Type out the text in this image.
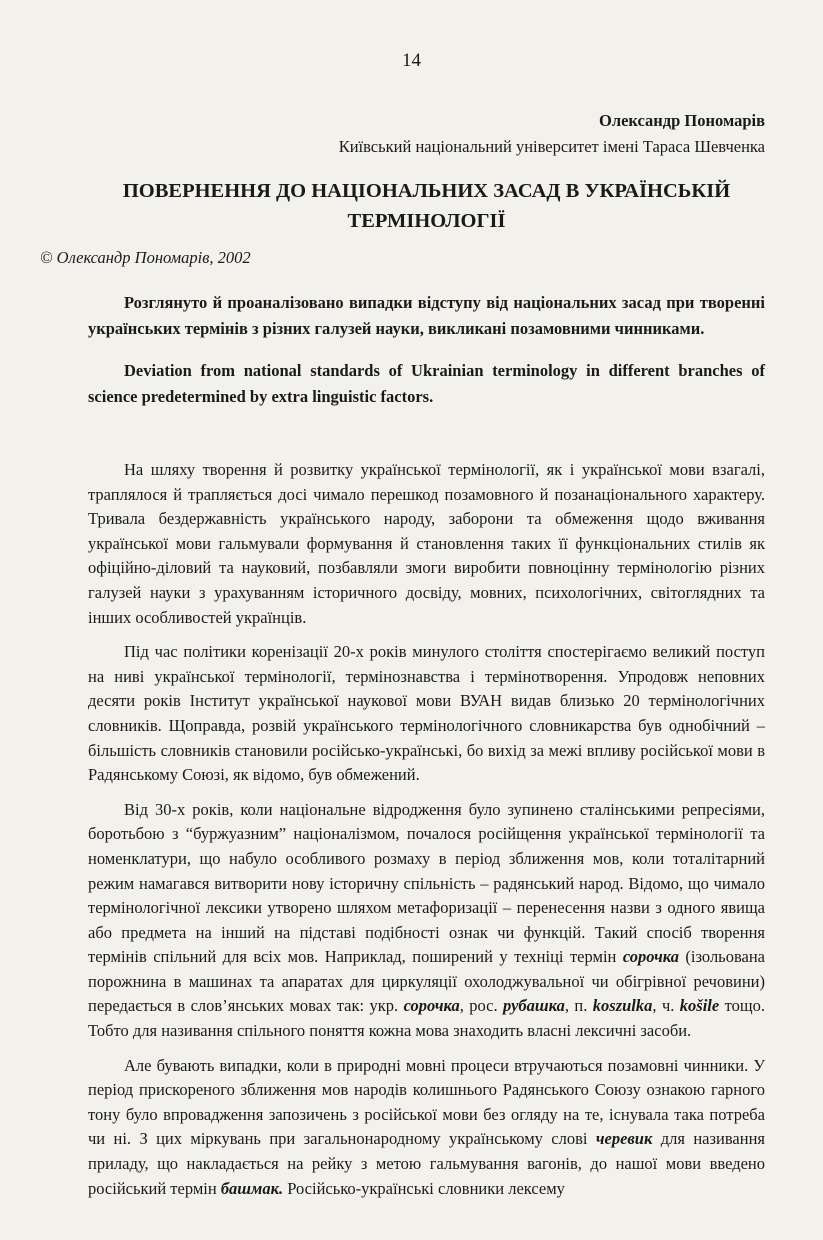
14
Олександр Пономарів
Київський національний університет імені Тараса Шевченка
ПОВЕРНЕННЯ ДО НАЦІОНАЛЬНИХ ЗАСАД В УКРАЇНСЬКІЙ ТЕРМІНОЛОГІЇ
© Олександр Пономарів, 2002

Розглянуто й проаналізовано випадки відступу від національних засад при творенні українських термінів з різних галузей науки, викликані позамовними чинниками.

Deviation from national standards of Ukrainian terminology in different branches of science predetermined by extra linguistic factors.

На шляху творення й розвитку української термінології, як і української мови взагалі, траплялося й трапляється досі чимало перешкод позамовного й позанаціонального характеру. Тривала бездержавність українського народу, заборони та обмеження щодо вживання української мови гальмували формування й становлення таких її функціональних стилів як офіційно-діловий та науковий, позбавляли змоги виробити повноцінну термінологію різних галузей науки з урахуванням історичного досвіду, мовних, психологічних, світоглядних та інших особливостей українців.

Під час політики коренізації 20-х років минулого століття спостерігаємо великий поступ на ниві української термінології, термінознавства і термінотворення. Упродовж неповних десяти років Інститут української наукової мови ВУАН видав близько 20 термінологічних словників. Щоправда, розвій українського термінологічного словникарства був однобічний – більшість словників становили російсько-українські, бо вихід за межі впливу російської мови в Радянському Союзі, як відомо, був обмежений.

Від 30-х років, коли національне відродження було зупинено сталінськими репресіями, боротьбою з “буржуазним” націоналізмом, почалося російщення української термінології та номенклатури, що набуло особливого розмаху в період зближення мов, коли тоталітарний режим намагався витворити нову історичну спільність – радянський народ. Відомо, що чимало термінологічної лексики утворено шляхом метафоризації – перенесення назви з одного явища або предмета на інший на підставі подібності ознак чи функцій. Такий спосіб творення термінів спільний для всіх мов. Наприклад, поширений у техніці термін сорочка (ізольована порожнина в машинах та апаратах для циркуляції охолоджувальної чи обігрівної речовини) передається в слов’янських мовах так: укр. сорочка, рос. рубашка, п. koszulka, ч. košile тощо. Тобто для називання спільного поняття кожна мова знаходить власні лексичні засоби.

Але бувають випадки, коли в природні мовні процеси втручаються позамовні чинники. У період прискореного зближення мов народів колишнього Радянського Союзу ознакою гарного тону було впровадження запозичень з російської мови без огляду на те, існувала така потреба чи ні. З цих міркувань при загальнонародному українському слові черевик для називання приладу, що накладається на рейку з метою гальмування вагонів, до нашої мови введено російський термін башмак. Російсько-українські словники лексему
